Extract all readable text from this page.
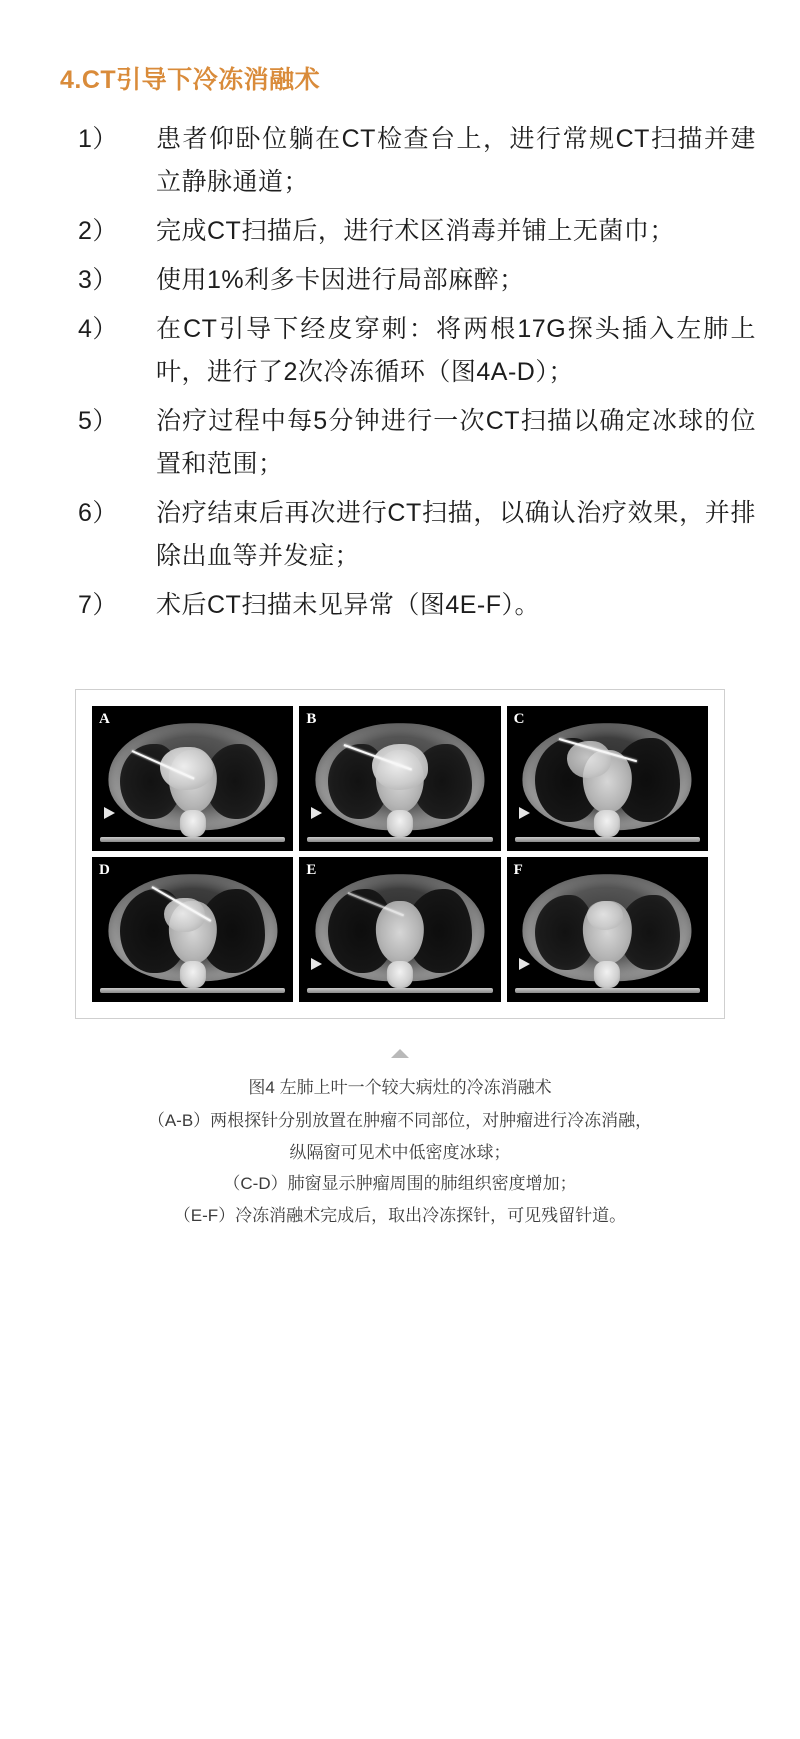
4.CT引导下冷冻消融术
1）	患者仰卧位躺在CT检查台上，进行常规CT扫描并建立静脉通道；
2）	完成CT扫描后，进行术区消毒并铺上无菌巾；
3）	使用1%利多卡因进行局部麻醉；
4）	在CT引导下经皮穿刺：将两根17G探头插入左肺上叶，进行了2次冷冻循环（图4A-D）；
5）	治疗过程中每5分钟进行一次CT扫描以确定冰球的位置和范围；
6）	治疗结束后再次进行CT扫描，以确认治疗效果，并排除出血等并发症；
7）	术后CT扫描未见异常（图4E-F）。
A	B	C
D	E	F
图4 左肺上叶一个较大病灶的冷冻消融术
（A-B）两根探针分别放置在肿瘤不同部位，对肿瘤进行冷冻消融，
纵隔窗可见术中低密度冰球；
（C-D）肺窗显示肿瘤周围的肺组织密度增加；
（E-F）冷冻消融术完成后，取出冷冻探针，可见残留针道。
